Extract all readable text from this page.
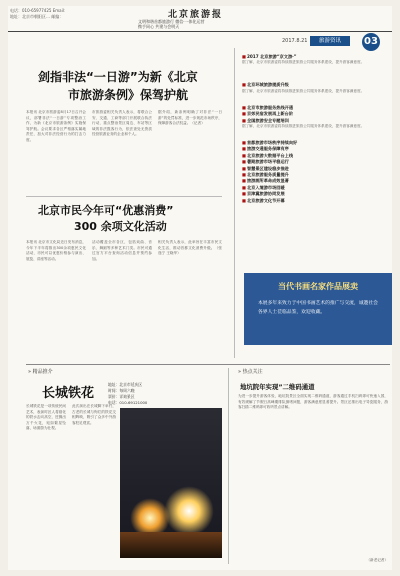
电话：010-65977425 Email：
地址：北京市朝阳区… 邮编：	北京旅游报
文明和谐首都旅游行 微信·一体化运营
携手同心 共建与会明天
2017.8.21	旅游资讯	03
剑指非法“一日游”为新《北京
市旅游条例》保驾护航
本报讯 北京市旅游委8月17日召开会议，部署非法“一日游”专项整治工作，为新《北京市旅游条例》实施保驾护航。会议要求各区严格落实属地责任，加大对非法经营行为的打击力度。
市旅游委相关负责人表示，将联合公安、交通、工商等部门开展联合执法行动，重点整治景区周边、车站等区域的非法揽客行为，依法查处无资质经营旅游业务的企业和个人。
据介绍，新条例明确了对非法“一日游”的处罚标准，进一步规范市场秩序，保障游客合法权益。（记者）
北京市民今年可“优惠消费”
300 余项文化活动
本报讯 北京市文化局近日发布消息，今年下半年将推出300余项惠民文化活动，市民可以优惠价格参与演出、展览、讲座等活动。
活动覆盖全市各区，包括戏曲、音乐、舞蹈等多种艺术门类。市民可通过官方平台查询活动信息并预约参加。
相关负责人表示，此举旨在丰富市民文化生活，推动首都文化消费升级。（张逸宁 王晓华）
■2017 北京旅游“京文游·”
据了解，北京市旅游委将持续推进旅游公共服务体系建设，提升游客满意度。
■北京环城旅游提质升级
据了解，北京市旅游委将持续推进旅游公共服务体系建设，提升游客满意度。
■北京市旅游服务热线开通
■京郊民宿发展再上新台阶
■全国旅游安全专题培训
据了解，北京市旅游委将持续推进旅游公共服务体系建设，提升游客满意度。
■首都旅游市场秩序持续向好
■旅游交通服务保障有序
■北京旅游大数据平台上线
■暑期旅游市场平稳运行
■智慧景区建设稳步推进
■北京旅游服务质量提升
■旅游厕所革命成效显著
■北京入境游市场回暖
■京津冀旅游协同发展
■北京旅游文化节开幕
当代书画名家作品展卖
本展多年来致力于中国书画艺术的推广与交流，诚邀社会各界人士莅临品鉴，欢迎收藏。
» 精品推介
长城铁花
长城铁花是一项传统民间艺术，表演时匠人将熔化的铁水击向高空，迸溅出万千火花，宛如繁星坠落，场面蔚为壮观。
此次演出在长城脚下举行，古老的长城与绚烂的铁花交相辉映，吸引了众多中外游客驻足观赏。
地址：北京市延庆区
时间：每周六晚
票价：详询景区
电话：010-69121000
» 热点关注
地坑院年实现”二维码通道
为进一步提升游客体验，地坑院景区全面实现二维码通道，游客通过手机扫码即可快速入园，有效缓解了节假日高峰期排队拥堵问题，游客满意度显著提升。景区还推出电子导览服务，游客扫描二维码即可收听景点讲解。
（新老记者）
